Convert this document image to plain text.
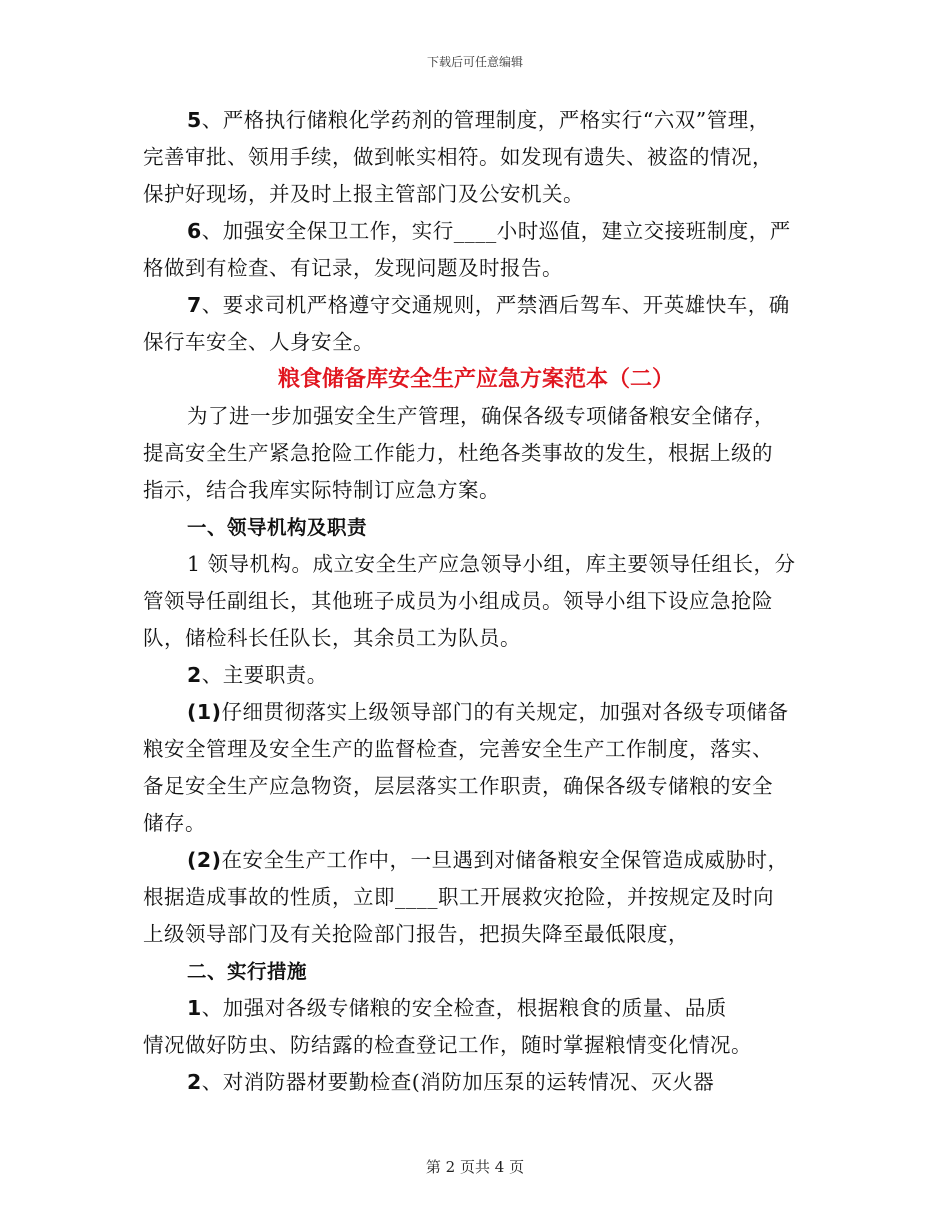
下载后可任意编辑
5、严格执行储粮化学药剂的管理制度，严格实行“六双”管理，
完善审批、领用手续，做到帐实相符。如发现有遗失、被盗的情况，
保护好现场，并及时上报主管部门及公安机关。
6、加强安全保卫工作，实行____小时巡值，建立交接班制度，严
格做到有检查、有记录，发现问题及时报告。
7、要求司机严格遵守交通规则，严禁酒后驾车、开英雄快车，确
保行车安全、人身安全。
粮食储备库安全生产应急方案范本（二）
为了进一步加强安全生产管理，确保各级专项储备粮安全储存，
提高安全生产紧急抢险工作能力，杜绝各类事故的发生，根据上级的
指示，结合我库实际特制订应急方案。
一、领导机构及职责
1 领导机构。成立安全生产应急领导小组，库主要领导任组长，分
管领导任副组长，其他班子成员为小组成员。领导小组下设应急抢险
队，储检科长任队长，其余员工为队员。
2、主要职责。
(1)仔细贯彻落实上级领导部门的有关规定，加强对各级专项储备
粮安全管理及安全生产的监督检查，完善安全生产工作制度，落实、
备足安全生产应急物资，层层落实工作职责，确保各级专储粮的安全
储存。
(2)在安全生产工作中，一旦遇到对储备粮安全保管造成威胁时，
根据造成事故的性质，立即____职工开展救灾抢险，并按规定及时向
上级领导部门及有关抢险部门报告，把损失降至最低限度，
二、实行措施
1、加强对各级专储粮的安全检查，根据粮食的质量、品质
情况做好防虫、防结露的检查登记工作，随时掌握粮情变化情况。
2、对消防器材要勤检查(消防加压泵的运转情况、灭火器
第 2 页共 4 页
